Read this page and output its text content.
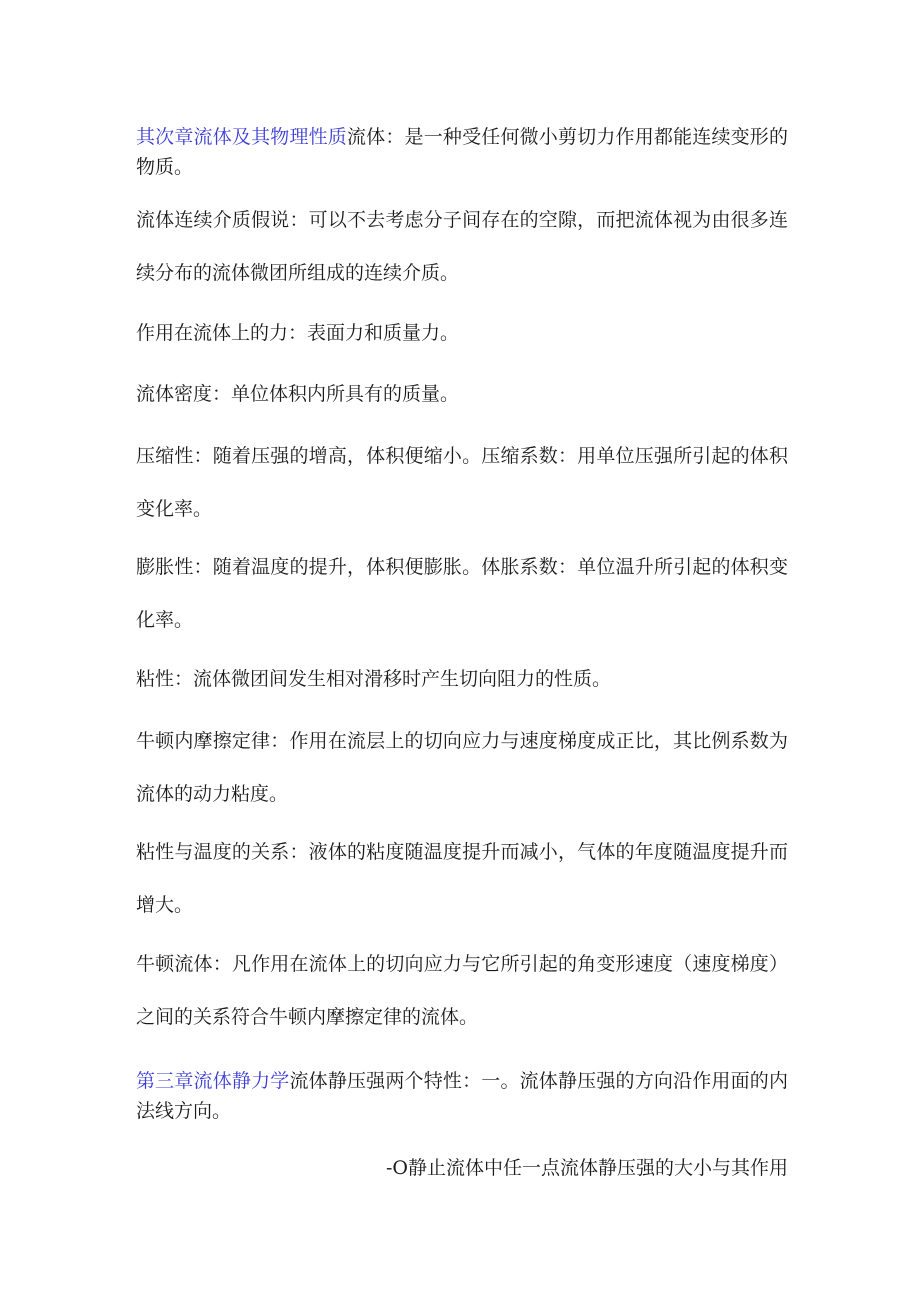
其次章流体及其物理性质流体：是一种受任何微小剪切力作用都能连续变形的物质。

流体连续介质假说：可以不去考虑分子间存在的空隙，而把流体视为由很多连续分布的流体微团所组成的连续介质。

作用在流体上的力：表面力和质量力。

流体密度：单位体积内所具有的质量。

压缩性：随着压强的增高，体积便缩小。压缩系数：用单位压强所引起的体积变化率。

膨胀性：随着温度的提升，体积便膨胀。体胀系数：单位温升所引起的体积变化率。

粘性：流体微团间发生相对滑移时产生切向阻力的性质。

牛顿内摩擦定律：作用在流层上的切向应力与速度梯度成正比，其比例系数为流体的动力粘度。

粘性与温度的关系：液体的粘度随温度提升而减小，气体的年度随温度提升而增大。

牛顿流体：凡作用在流体上的切向应力与它所引起的角变形速度（速度梯度）之间的关系符合牛顿内摩擦定律的流体。

第三章流体静力学流体静压强两个特性：一。流体静压强的方向沿作用面的内法线方向。

-O静止流体中任一点流体静压强的大小与其作用
